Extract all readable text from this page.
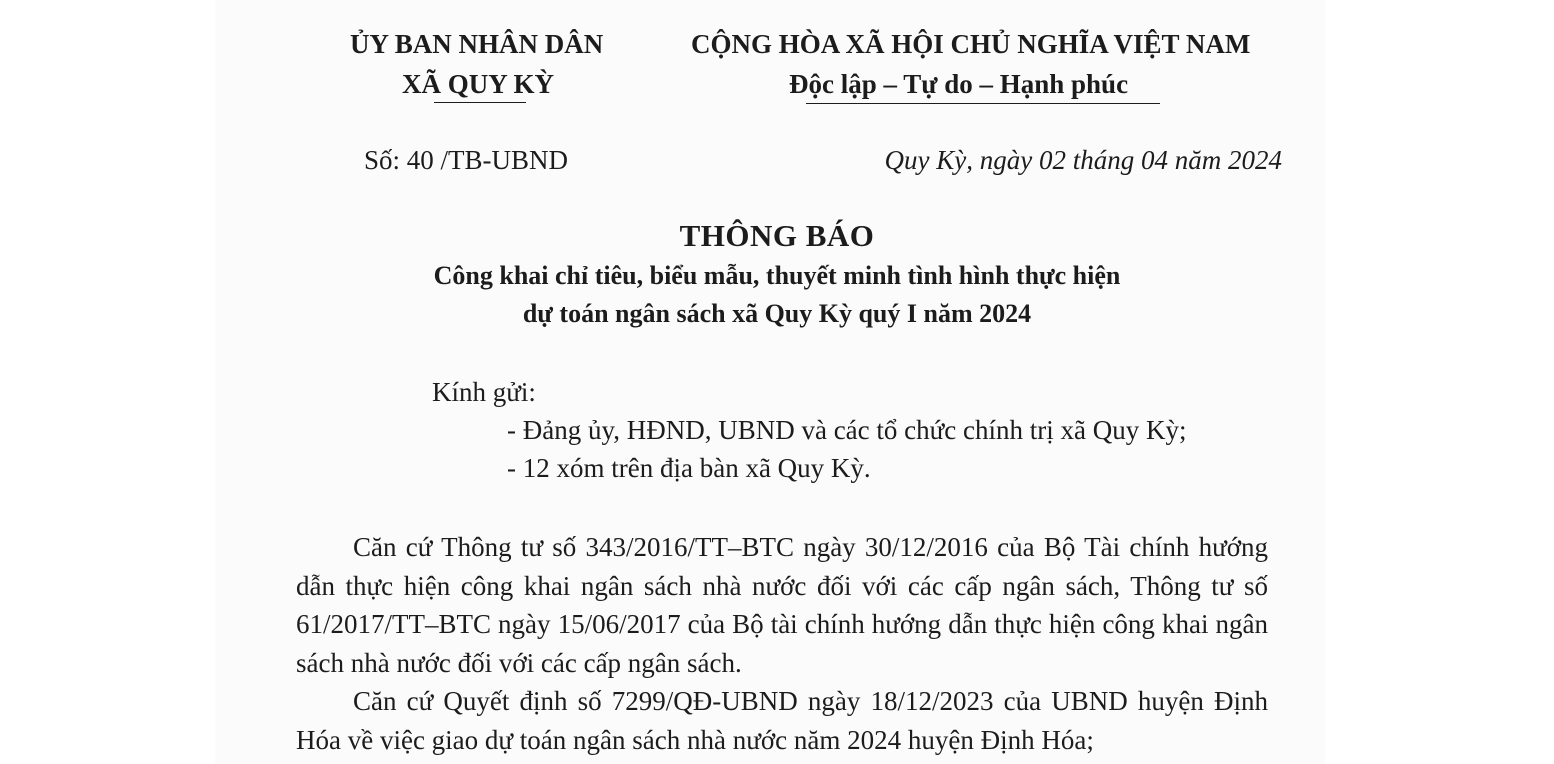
ỦY BAN NHÂN DÂN
XÃ QUY KỲ
CỘNG HÒA XÃ HỘI CHỦ NGHĨA VIỆT NAM
Độc lập – Tự do – Hạnh phúc
Số: 40 /TB-UBND	Quy Kỳ, ngày 02 tháng 04 năm 2024
THÔNG BÁO
Công khai chỉ tiêu, biểu mẫu, thuyết minh tình hình thực hiện
dự toán ngân sách xã Quy Kỳ quý I năm 2024
Kính gửi:
- Đảng ủy, HĐND, UBND và các tổ chức chính trị xã Quy Kỳ;
- 12 xóm trên địa bàn xã Quy Kỳ.

Căn cứ Thông tư số 343/2016/TT–BTC ngày 30/12/2016 của Bộ Tài chính hướng dẫn thực hiện công khai ngân sách nhà nước đối với các cấp ngân sách, Thông tư số 61/2017/TT–BTC ngày 15/06/2017 của Bộ tài chính hướng dẫn thực hiện công khai ngân sách nhà nước đối với các cấp ngân sách.

Căn cứ Quyết định số 7299/QĐ-UBND ngày 18/12/2023 của UBND huyện Định Hóa về việc giao dự toán ngân sách nhà nước năm 2024 huyện Định Hóa;
